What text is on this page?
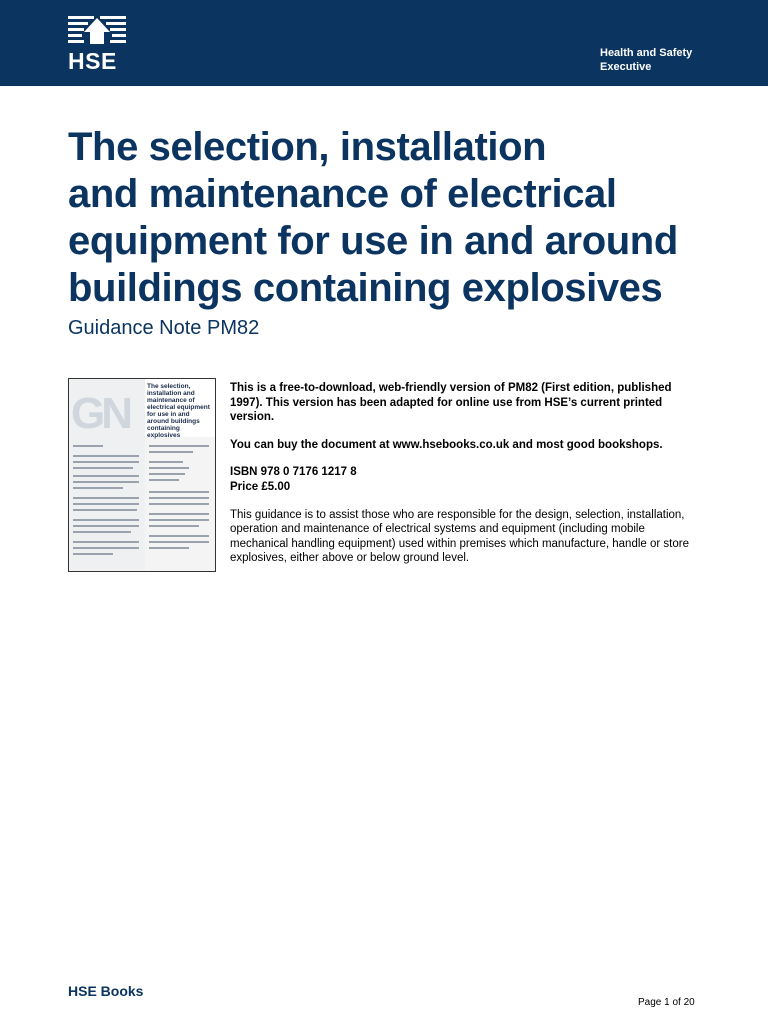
HSE	Health and Safety
Executive
The selection, installation
and maintenance of electrical
equipment for use in and around
buildings containing explosives
Guidance Note PM82
GN
The selection, installation and maintenance of electrical equipment for use in and around buildings containing explosives

This is a free-to-download, web-friendly version of PM82 (First edition, published 1997). This version has been adapted for online use from HSE’s current printed version.

You can buy the document at www.hsebooks.co.uk and most good bookshops.

ISBN 978 0 7176 1217 8
Price £5.00

This guidance is to assist those who are responsible for the design, selection, installation, operation and maintenance of electrical systems and equipment (including mobile mechanical handling equipment) used within premises which manufacture, handle or store explosives, either above or below ground level.

HSE Books
Page 1 of 20
